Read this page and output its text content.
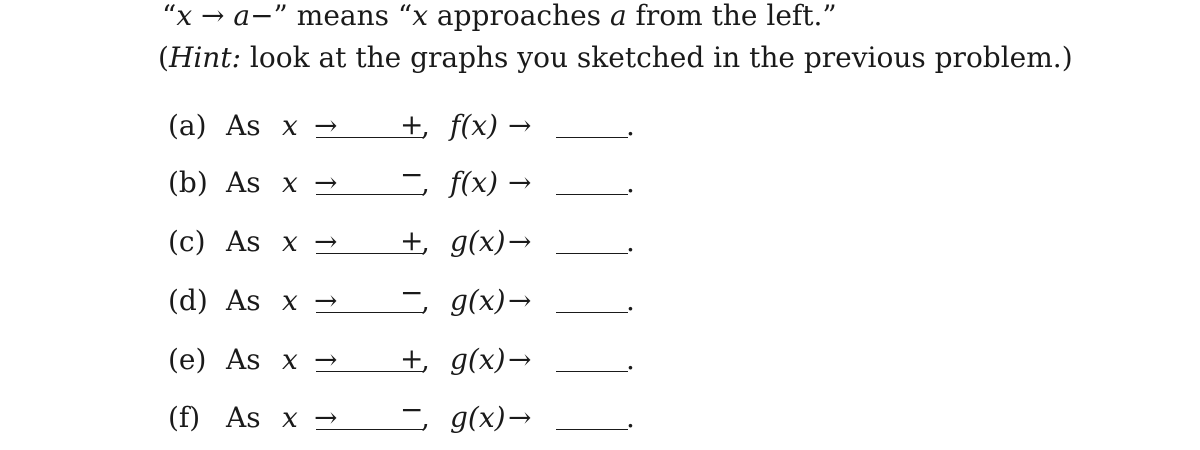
“x → a−” means “x approaches a from the left.”
(Hint: look at the graphs you sketched in the previous problem.)
(a) As x → +
, f(x) →	.
(b) As x → −
, f(x) →	.
(c) As x → +
, g(x) →	.
(d) As x → −
, g(x) →	.
(e) As x → +
, g(x) →	.
(f) As x → −
, g(x) →	.
